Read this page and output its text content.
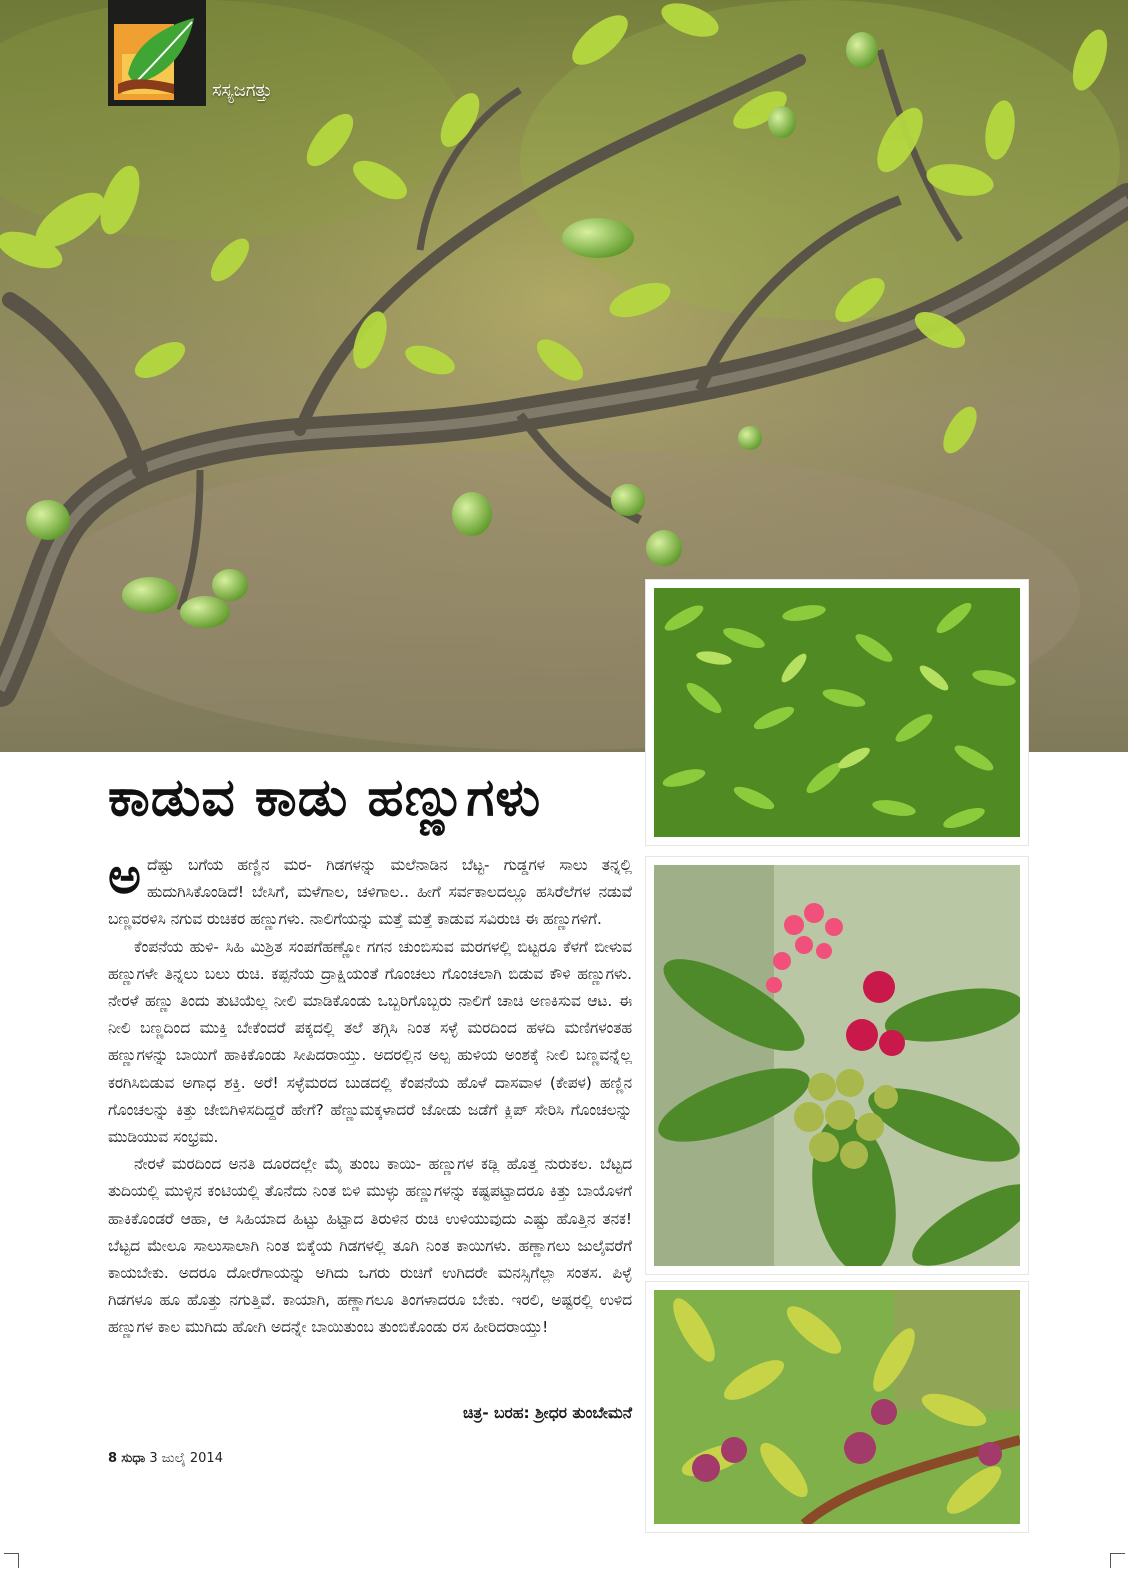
ಸಸ್ಯಜಗತ್ತು
ಕಾಡುವ ಕಾಡು ಹಣ್ಣುಗಳು

ಅದೆಷ್ಟು ಬಗೆಯ ಹಣ್ಣಿನ ಮರ- ಗಿಡಗಳನ್ನು ಮಲೆನಾಡಿನ ಬೆಟ್ಟ- ಗುಡ್ಡಗಳ ಸಾಲು ತನ್ನಲ್ಲಿ ಹುದುಗಿಸಿಕೊಂಡಿದೆ! ಬೇಸಿಗೆ, ಮಳೆಗಾಲ, ಚಳಿಗಾಲ.. ಹೀಗೆ ಸರ್ವಕಾಲದಲ್ಲೂ ಹಸಿರೆಲೆಗಳ ನಡುವೆ ಬಣ್ಣವರಳಿಸಿ ನಗುವ ರುಚಿಕರ ಹಣ್ಣುಗಳು. ನಾಲಿಗೆಯನ್ನು ಮತ್ತೆ ಮತ್ತೆ ಕಾಡುವ ಸವಿರುಚಿ ಈ ಹಣ್ಣುಗಳಿಗೆ.

ಕೆಂಪನೆಯ ಹುಳಿ- ಸಿಹಿ ಮಿಶ್ರಿತ ಸಂಪಗೆಹಣ್ಣೋ ಗಗನ ಚುಂಬಿಸುವ ಮರಗಳಲ್ಲಿ ಬಿಟ್ಟರೂ ಕೆಳಗೆ ಬೀಳುವ ಹಣ್ಣುಗಳೇ ತಿನ್ನಲು ಬಲು ರುಚಿ. ಕಪ್ಪನೆಯ ದ್ರಾಕ್ಷಿಯಂತೆ ಗೊಂಚಲು ಗೊಂಚಲಾಗಿ ಬಿಡುವ ಕೌಳಿ ಹಣ್ಣುಗಳು. ನೇರಳೆ ಹಣ್ಣು ತಿಂದು ತುಟಿಯೆಲ್ಲ ನೀಲಿ ಮಾಡಿಕೊಂಡು ಒಬ್ಬರಿಗೊಬ್ಬರು ನಾಲಿಗೆ ಚಾಚಿ ಅಣಕಿಸುವ ಆಟ. ಈ ನೀಲಿ ಬಣ್ಣದಿಂದ ಮುಕ್ತಿ ಬೇಕೆಂದರೆ ಪಕ್ಕದಲ್ಲಿ ತಲೆ ತಗ್ಗಿಸಿ ನಿಂತ ಸಳ್ಳೆ ಮರದಿಂದ ಹಳದಿ ಮಣಿಗಳಂತಹ ಹಣ್ಣುಗಳನ್ನು ಬಾಯಿಗೆ ಹಾಕಿಕೊಂಡು ಸೀಪಿದರಾಯ್ತು. ಅದರಲ್ಲಿನ ಅಲ್ಪ ಹುಳಿಯ ಅಂಶಕ್ಕೆ ನೀಲಿ ಬಣ್ಣವನ್ನೆಲ್ಲ ಕರಗಿಸಿಬಿಡುವ ಅಗಾಧ ಶಕ್ತಿ. ಅರೆ! ಸಳ್ಳೆಮರದ ಬುಡದಲ್ಲಿ ಕೆಂಪನೆಯ ಹೊಳೆ ದಾಸವಾಳ (ಕೇಪಳ) ಹಣ್ಣಿನ ಗೊಂಚಲನ್ನು ಕಿತ್ತು ಜೇಬಿಗಿಳಿಸದಿದ್ದರೆ ಹೇಗೆ? ಹೆಣ್ಣುಮಕ್ಕಳಾದರೆ ಜೋಡು ಜಡೆಗೆ ಕ್ಲಿಪ್ ಸೇರಿಸಿ ಗೊಂಚಲನ್ನು ಮುಡಿಯುವ ಸಂಭ್ರಮ.

ನೇರಳೆ ಮರದಿಂದ ಅನತಿ ದೂರದಲ್ಲೇ ಮೈ ತುಂಬ ಕಾಯಿ- ಹಣ್ಣುಗಳ ಕಡ್ಲಿ ಹೊತ್ತ ನುರುಕಲ. ಬೆಟ್ಟದ ತುದಿಯಲ್ಲಿ ಮುಳ್ಳಿನ ಕಂಟಿಯಲ್ಲಿ ತೊನೆದು ನಿಂತ ಬಿಳಿ ಮುಳ್ಳು ಹಣ್ಣುಗಳನ್ನು ಕಷ್ಟಪಟ್ಟಾದರೂ ಕಿತ್ತು ಬಾಯೊಳಗೆ ಹಾಕಿಕೊಂಡರೆ ಆಹಾ, ಆ ಸಿಹಿಯಾದ ಹಿಟ್ಟು ಹಿಟ್ಟಾದ ತಿರುಳಿನ ರುಚಿ ಉಳಿಯುವುದು ಎಷ್ಟು ಹೊತ್ತಿನ ತನಕ! ಬೆಟ್ಟದ ಮೇಲೂ ಸಾಲುಸಾಲಾಗಿ ನಿಂತ ಬಿಕ್ಕೆಯ ಗಿಡಗಳಲ್ಲಿ ತೂಗಿ ನಿಂತ ಕಾಯಿಗಳು. ಹಣ್ಣಾಗಲು ಜುಲೈವರೆಗೆ ಕಾಯಬೇಕು. ಅದರೂ ದೋರೆಗಾಯನ್ನು ಅಗಿದು ಒಗರು ರುಚಿಗೆ ಉಗಿದರೇ ಮನಸ್ಸಿಗೆಲ್ಲಾ ಸಂತಸ. ಪಿಳ್ಳೆ ಗಿಡಗಳೂ ಹೂ ಹೊತ್ತು ನಗುತ್ತಿವೆ. ಕಾಯಾಗಿ, ಹಣ್ಣಾಗಲೂ ತಿಂಗಳಾದರೂ ಬೇಕು. ಇರಲಿ, ಅಷ್ಟರಲ್ಲಿ ಉಳಿದ ಹಣ್ಣುಗಳ ಕಾಲ ಮುಗಿದು ಹೋಗಿ ಅದನ್ನೇ ಬಾಯಿತುಂಬ ತುಂಬಿಕೊಂಡು ರಸ ಹೀರಿದರಾಯ್ತು!

ಚಿತ್ರ- ಬರಹ: ಶ್ರೀಧರ ತುಂಬೇಮನೆ
8 ಸುಧಾ 3 ಜುಲೈ 2014
